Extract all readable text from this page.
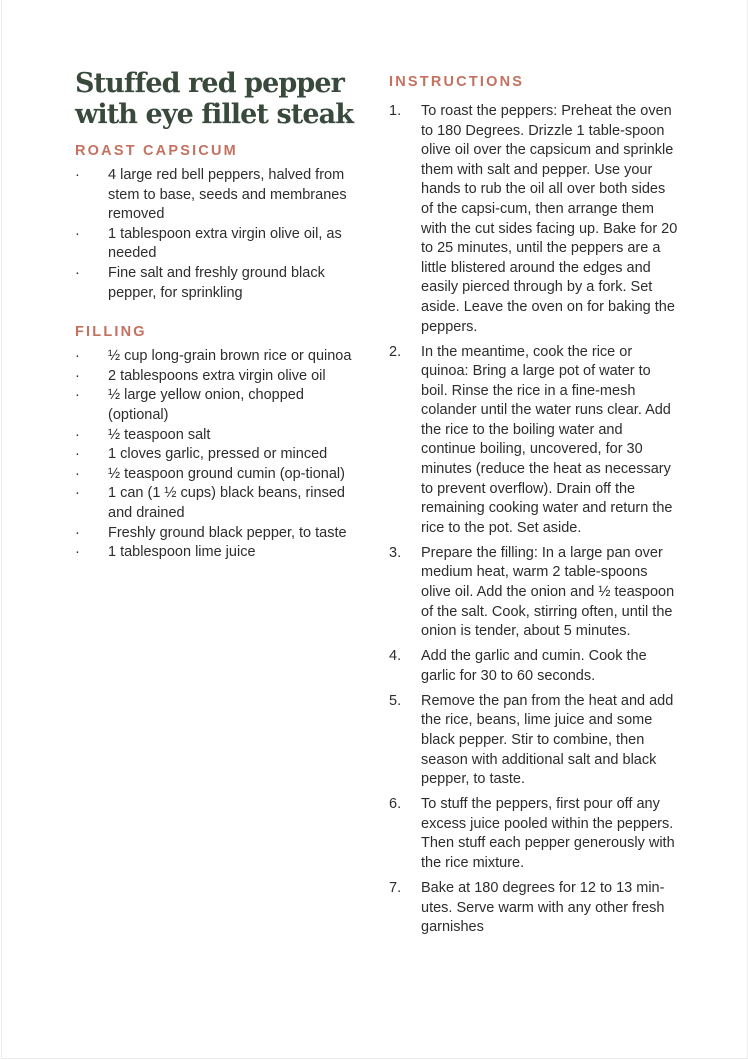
Stuffed red pepper with eye fillet steak
ROAST CAPSICUM
·	4 large red bell peppers, halved from stem to base, seeds and membranes removed
·	1 tablespoon extra virgin olive oil, as needed
·	Fine salt and freshly ground black pepper, for sprinkling
FILLING
·	½ cup long-grain brown rice or quinoa
·	2 tablespoons extra virgin olive oil
·	½ large yellow onion, chopped (optional)
·	½ teaspoon salt
·	1 cloves garlic, pressed or minced
·	½ teaspoon ground cumin (op-tional)
·	1 can (1 ½ cups) black beans, rinsed and drained
·	Freshly ground black pepper, to taste
·	1 tablespoon lime juice
INSTRUCTIONS
1. To roast the peppers: Preheat the oven to 180 Degrees. Drizzle 1 table-spoon olive oil over the capsicum and sprinkle them with salt and pepper. Use your hands to rub the oil all over both sides of the capsi-cum, then arrange them with the cut sides facing up. Bake for 20 to 25 minutes, until the peppers are a little blistered around the edges and easily pierced through by a fork. Set aside. Leave the oven on for baking the peppers.
2. In the meantime, cook the rice or quinoa: Bring a large pot of water to boil. Rinse the rice in a fine-mesh colander until the water runs clear. Add the rice to the boiling water and continue boiling, uncovered, for 30 minutes (reduce the heat as necessary to prevent overflow). Drain off the remaining cooking water and return the rice to the pot. Set aside.
3. Prepare the filling: In a large pan over medium heat, warm 2 table-spoons olive oil. Add the onion and ½ teaspoon of the salt. Cook, stirring often, until the onion is tender, about 5 minutes.
4. Add the garlic and cumin. Cook the garlic for 30 to 60 seconds.
5. Remove the pan from the heat and add the rice, beans, lime juice and some black pepper. Stir to combine, then season with additional salt and black pepper, to taste.
6. To stuff the peppers, first pour off any excess juice pooled within the peppers. Then stuff each pepper generously with the rice mixture.
7. Bake at 180 degrees for 12 to 13 min-utes. Serve warm with any other fresh garnishes
